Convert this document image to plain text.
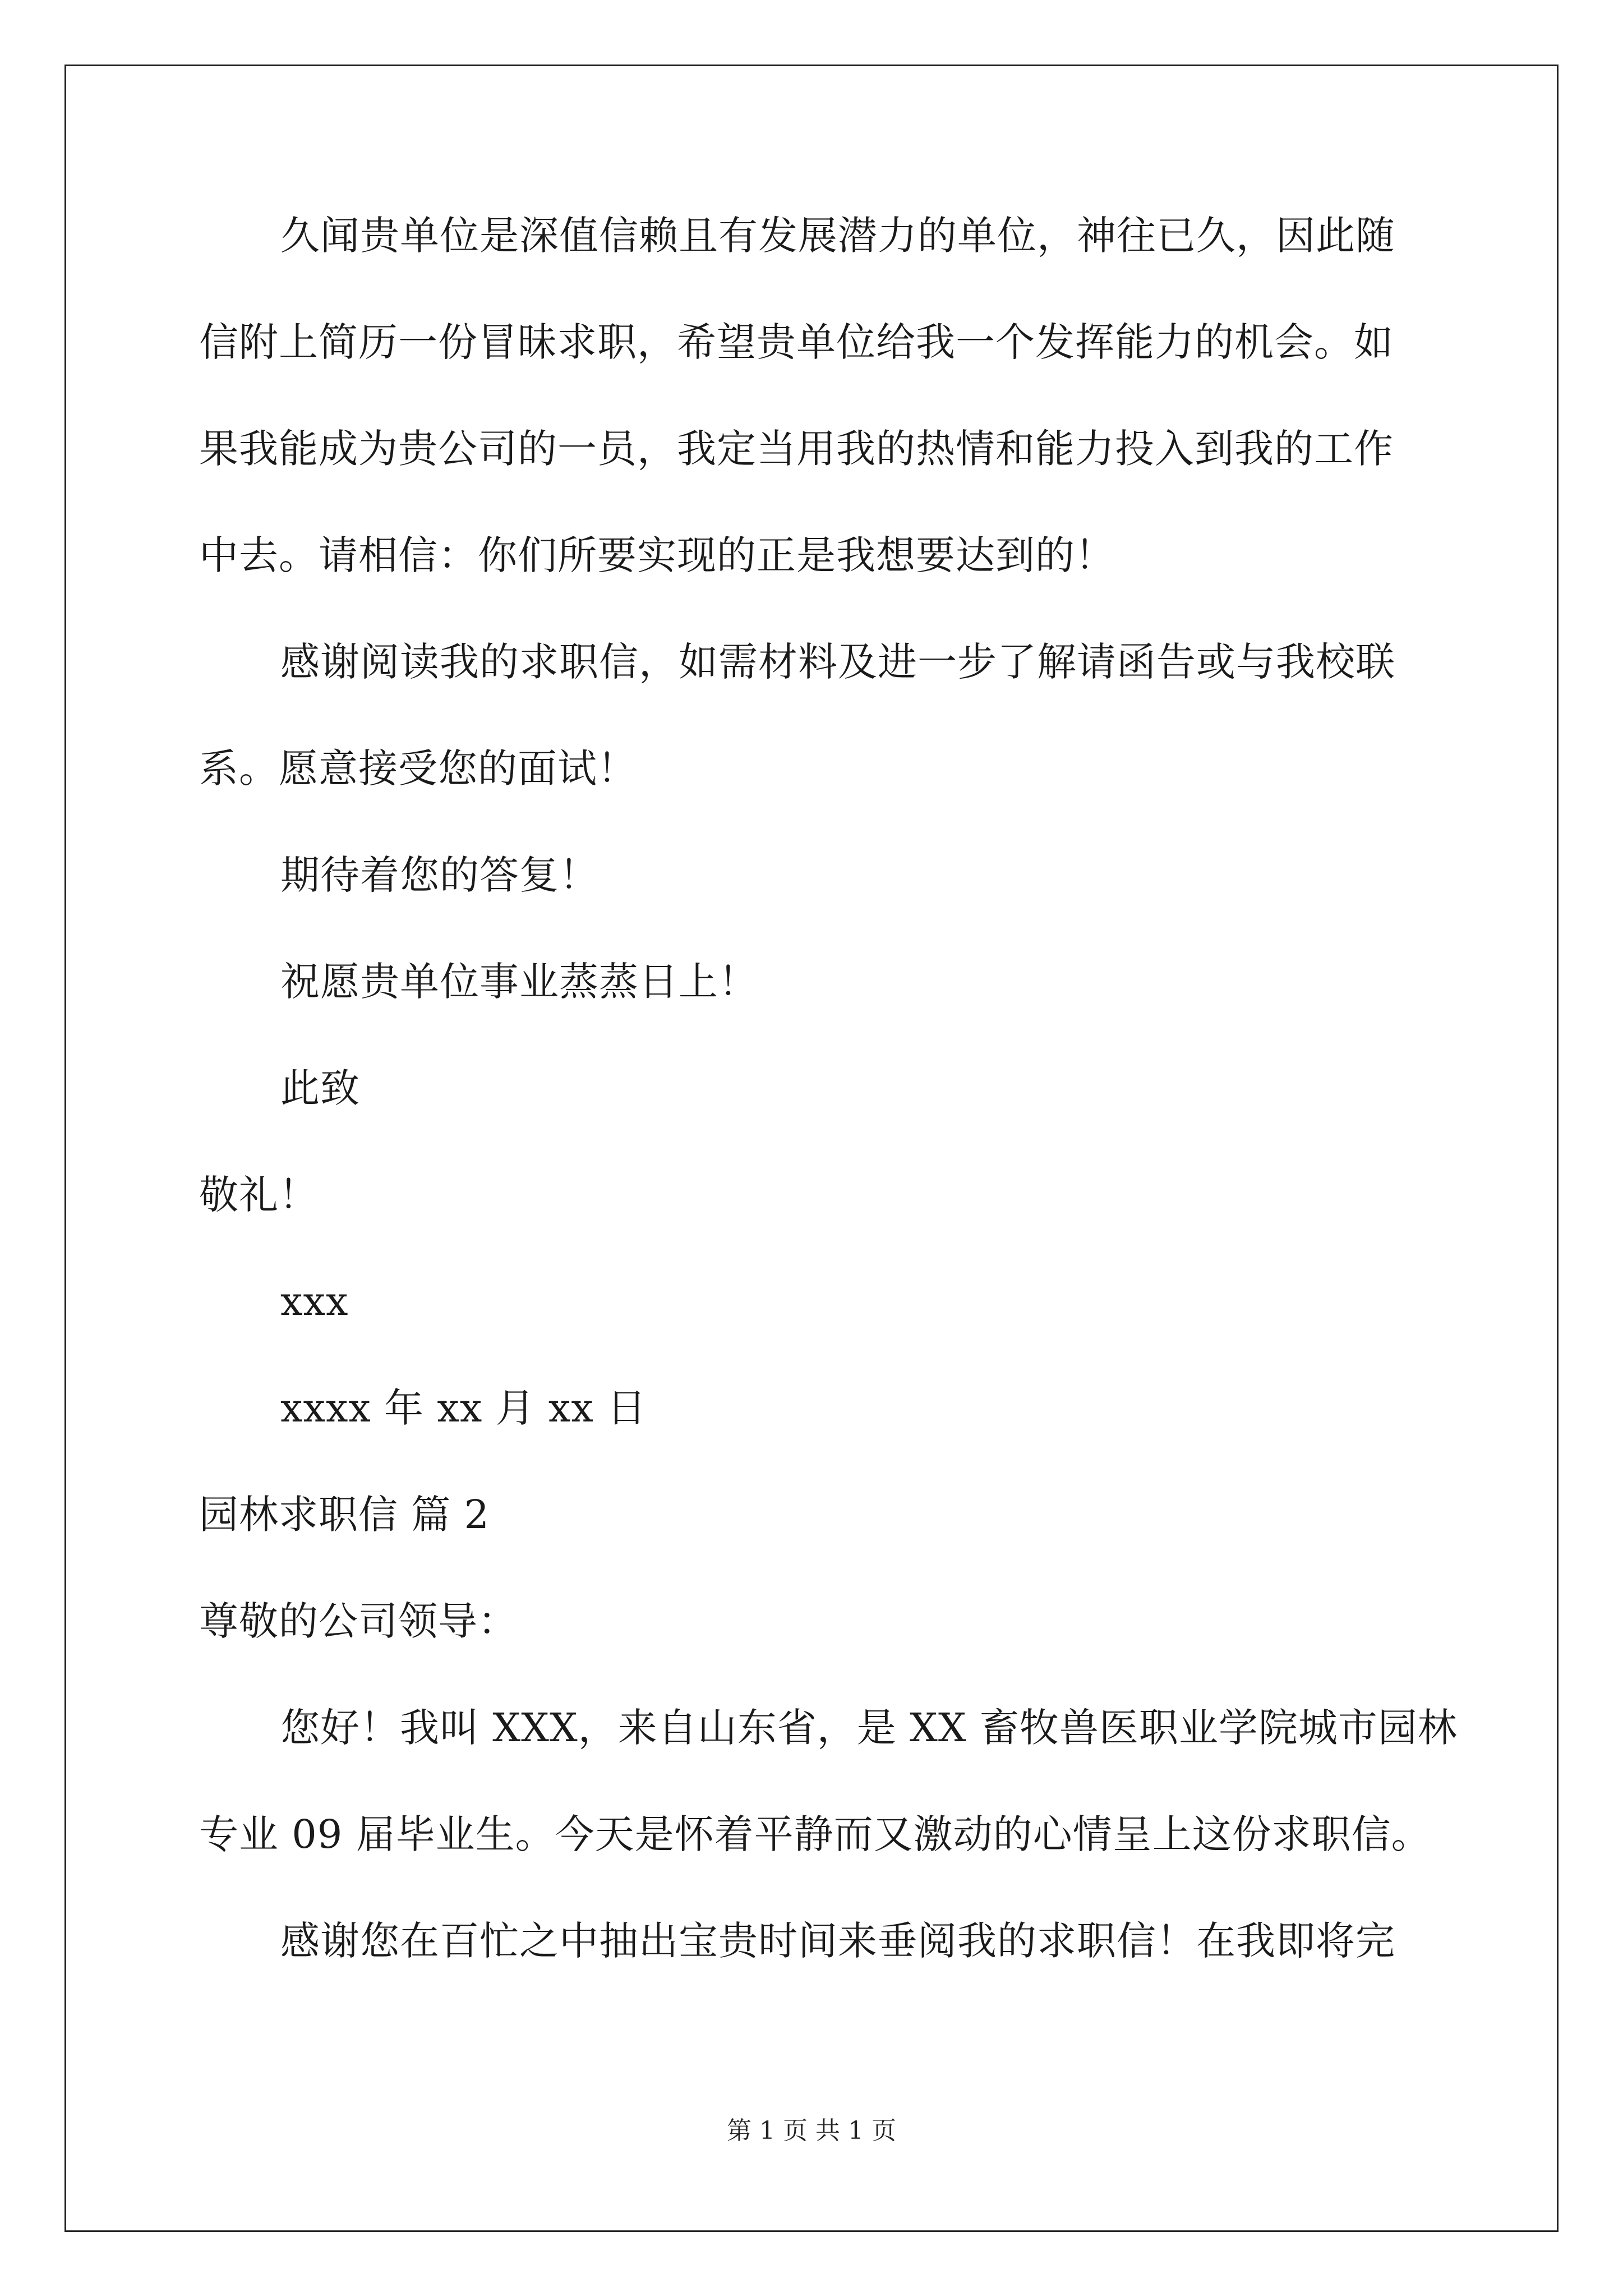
久闻贵单位是深值信赖且有发展潜力的单位，神往已久，因此随
信附上简历一份冒昧求职，希望贵单位给我一个发挥能力的机会。如
果我能成为贵公司的一员，我定当用我的热情和能力投入到我的工作
中去。请相信：你们所要实现的正是我想要达到的！
感谢阅读我的求职信，如需材料及进一步了解请函告或与我校联
系。愿意接受您的面试！
期待着您的答复！
祝愿贵单位事业蒸蒸日上！
此致
敬礼！
xxx
xxxx 年 xx 月 xx 日
园林求职信 篇 2
尊敬的公司领导：
您好！我叫 XXX，来自山东省，是 XX 畜牧兽医职业学院城市园林
专业 09 届毕业生。今天是怀着平静而又激动的心情呈上这份求职信。
感谢您在百忙之中抽出宝贵时间来垂阅我的求职信！在我即将完
第 1 页 共 1 页
